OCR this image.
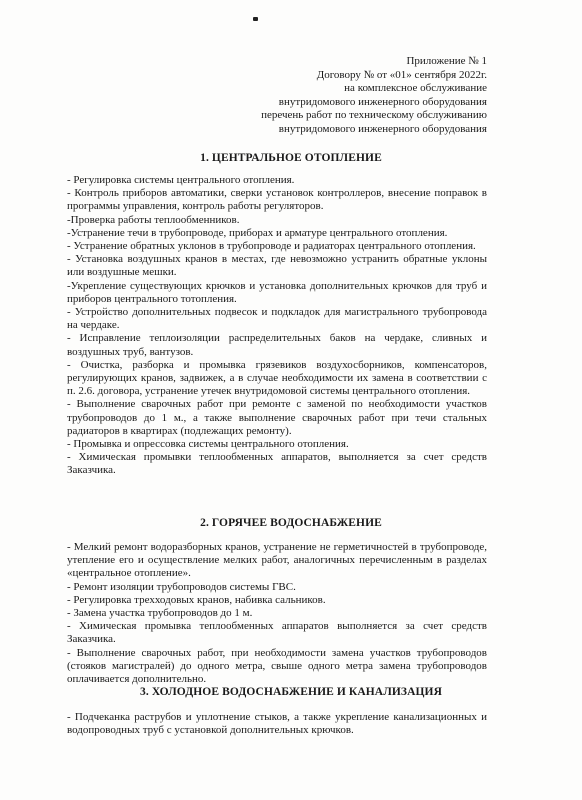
Приложение № 1
Договору № от «01» сентября 2022г.
на комплексное обслуживание
внутридомового инженерного оборудования
перечень работ по техническому обслуживанию
внутридомового инженерного оборудования
1. ЦЕНТРАЛЬНОЕ ОТОПЛЕНИЕ
- Регулировка системы центрального отопления.
- Контроль приборов автоматики, сверки установок контроллеров, внесение поправок в программы управления, контроль работы регуляторов.
-Проверка работы теплообменников.
-Устранение течи в трубопроводе, приборах и арматуре центрального отопления.
- Устранение обратных уклонов в трубопроводе и радиаторах центрального отопления.
- Установка воздушных кранов в местах, где невозможно устранить обратные уклоны или воздушные мешки.
-Укрепление существующих крючков и установка дополнительных крючков для труб и приборов центрального тотопления.
- Устройство дополнительных подвесок и подкладок для магистрального трубопровода на чердаке.
- Исправление теплоизоляции распределительных баков на чердаке, сливных и воздушных труб, вантузов.
- Очистка, разборка и промывка грязевиков воздухосборников, компенсаторов, регулирующих кранов, задвижек, а в случае необходимости их замена в соответствии с п. 2.6. договора, устранение утечек внутридомовой системы центрального отопления.
- Выполнение сварочных работ при ремонте с заменой по необходимости участков трубопроводов до 1 м., а также выполнение сварочных работ при течи стальных радиаторов в квартирах (подлежащих ремонту).
- Промывка и опрессовка системы центрального отопления.
- Химическая промывки теплообменных аппаратов, выполняется за счет средств Заказчика.
2. ГОРЯЧЕЕ ВОДОСНАБЖЕНИЕ
- Мелкий ремонт водоразборных кранов, устранение не герметичностей в трубопроводе, утепление его и осуществление мелких работ, аналогичных перечисленным в разделах «центральное отопление».
- Ремонт изоляции трубопроводов системы ГВС.
- Регулировка трехходовых кранов, набивка сальников.
- Замена участка трубопроводов до 1 м.
- Химическая промывка теплообменных аппаратов выполняется за счет средств Заказчика.
- Выполнение сварочных работ, при необходимости замена участков трубопроводов (стояков магистралей) до одного метра, свыше одного метра замена трубопроводов оплачивается дополнительно.
3. ХОЛОДНОЕ ВОДОСНАБЖЕНИЕ И КАНАЛИЗАЦИЯ
- Подчеканка раструбов и уплотнение стыков, а также укрепление канализационных и водопроводных труб с установкой дополнительных крючков.
